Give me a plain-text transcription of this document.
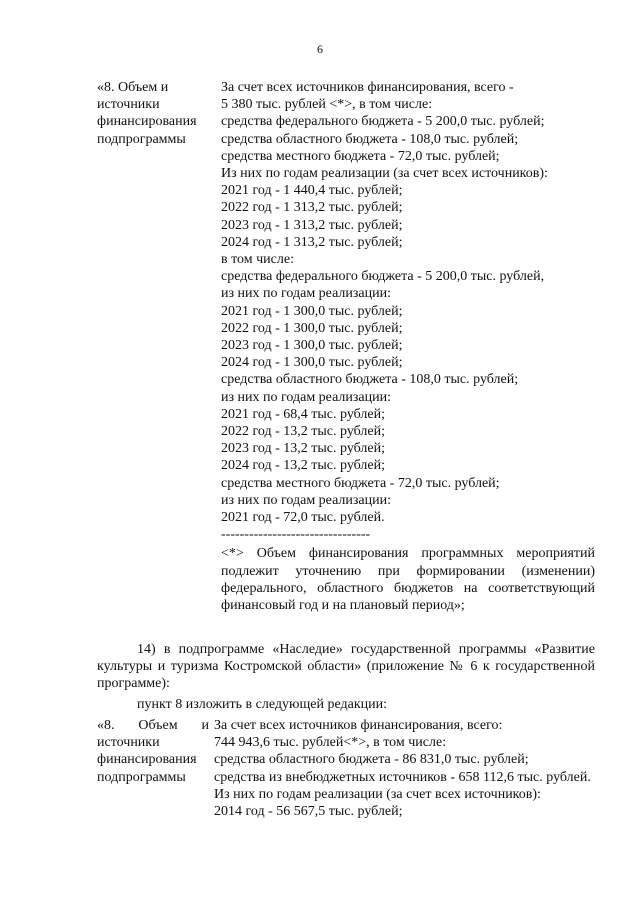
6
«8. Объем и
источники
финансирования
подпрограммы
За счет всех источников финансирования, всего -
5 380 тыс. рублей <*>, в том числе:
средства федерального бюджета - 5 200,0 тыс. рублей;
средства областного бюджета - 108,0 тыс. рублей;
средства местного бюджета - 72,0 тыс. рублей;
Из них по годам реализации (за счет всех источников):
2021 год - 1 440,4 тыс. рублей;
2022 год - 1 313,2 тыс. рублей;
2023 год - 1 313,2 тыс. рублей;
2024 год - 1 313,2 тыс. рублей;
в том числе:
средства федерального бюджета - 5 200,0 тыс. рублей,
из них по годам реализации:
2021 год - 1 300,0 тыс. рублей;
2022 год - 1 300,0 тыс. рублей;
2023 год - 1 300,0 тыс. рублей;
2024 год - 1 300,0 тыс. рублей;
средства областного бюджета - 108,0 тыс. рублей;
из них по годам реализации:
2021 год - 68,4 тыс. рублей;
2022 год - 13,2 тыс. рублей;
2023 год - 13,2 тыс. рублей;
2024 год - 13,2 тыс. рублей;
средства местного бюджета - 72,0 тыс. рублей;
из них по годам реализации:
2021 год - 72,0 тыс. рублей.
--------------------------------
<*> Объем финансирования программных мероприятий подлежит уточнению при формировании (изменении) федерального, областного бюджетов на соответствующий финансовый год и на плановый период»;
14) в подпрограмме «Наследие» государственной программы «Развитие культуры и туризма Костромской области» (приложение № 6 к государственной программе):
пункт 8 изложить в следующей редакции:
«8. Объем и
источники
финансирования
подпрограммы
За счет всех источников финансирования, всего:
744 943,6 тыс. рублей<*>, в том числе:
средства областного бюджета - 86 831,0 тыс. рублей;
средства из внебюджетных источников - 658 112,6 тыс. рублей.
Из них по годам реализации (за счет всех источников):
2014 год - 56 567,5 тыс. рублей;
